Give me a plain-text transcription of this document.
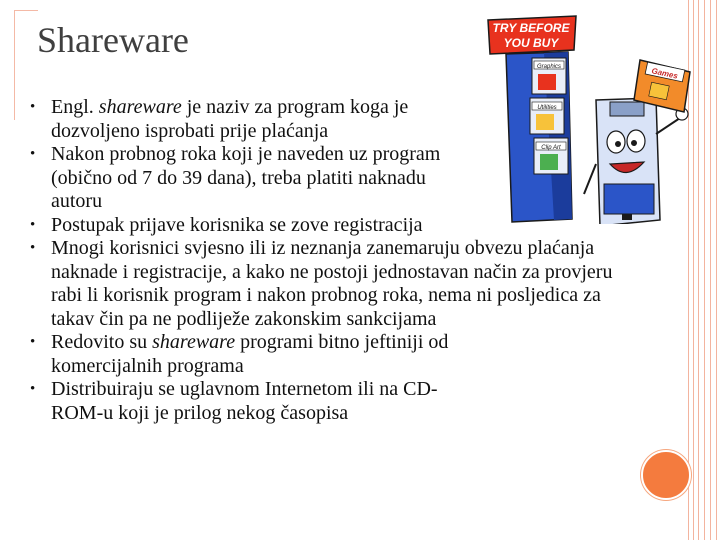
Shareware
• Engl. shareware je naziv za program koga je dozvoljeno isprobati prije plaćanja
• Nakon probnog roka koji je naveden uz program (obično od 7 do 39 dana), treba platiti naknadu autoru
• Postupak prijave korisnika se zove registracija
• Mnogi korisnici svjesno ili iz neznanja zanemaruju obvezu plaćanja naknade i registracije, a kako ne postoji jednostavan način za provjeru rabi li korisnik program i nakon probnog roka, nema ni posljedica za takav čin pa ne podliježe zakonskim sankcijama
• Redovito su shareware programi bitno jeftiniji od komercijalnih programa
• Distribuiraju se uglavnom Internetom ili na CD-ROM-u koji je prilog nekog časopisa
TRY BEFORE
YOU BUY
Graphics
Utilities
Clip Art
Games
